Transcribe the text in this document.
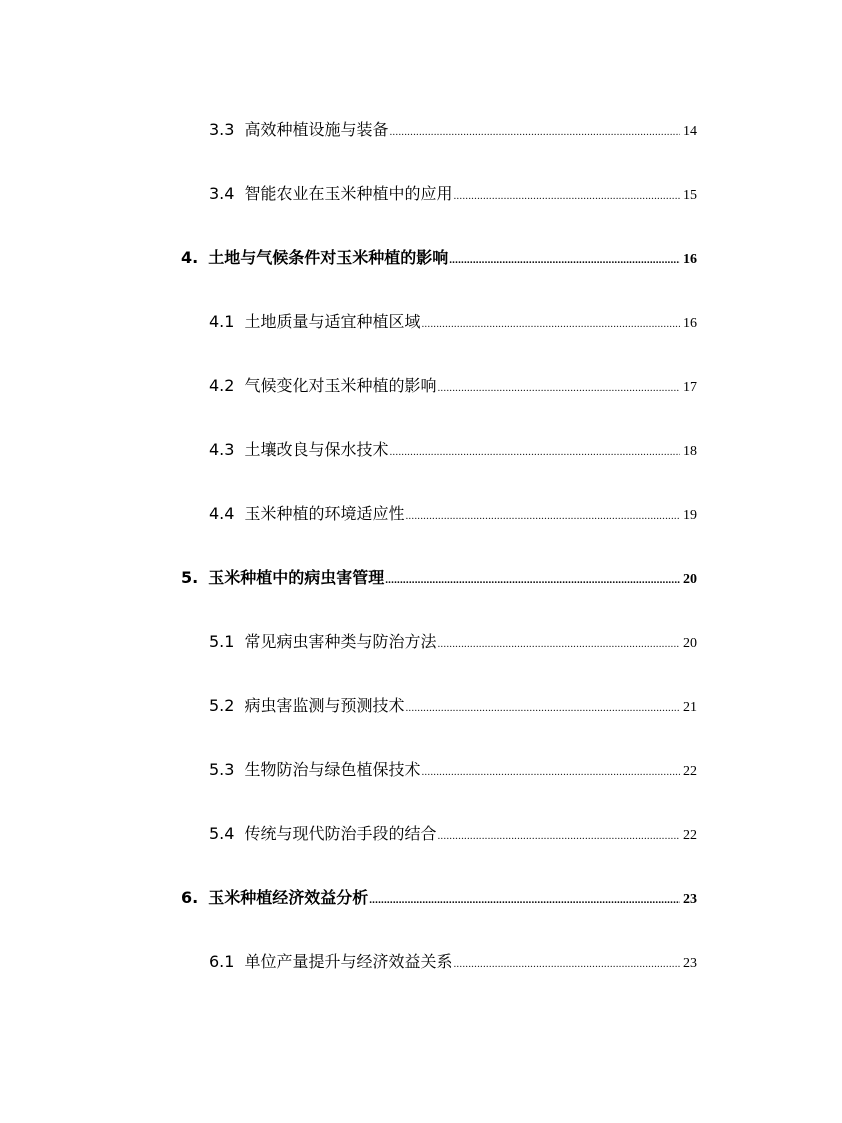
3.3 高效种植设施与装备 .....	14
3.4 智能农业在玉米种植中的应用 .....	15
4. 土地与气候条件对玉米种植的影响 .....	16
4.1 土地质量与适宜种植区域 .....	16
4.2 气候变化对玉米种植的影响 .....	17
4.3 土壤改良与保水技术 .....	18
4.4 玉米种植的环境适应性 .....	19
5. 玉米种植中的病虫害管理 .....	20
5.1 常见病虫害种类与防治方法 .....	20
5.2 病虫害监测与预测技术 .....	21
5.3 生物防治与绿色植保技术 .....	22
5.4 传统与现代防治手段的结合 .....	22
6. 玉米种植经济效益分析 .....	23
6.1 单位产量提升与经济效益关系 .....	23
